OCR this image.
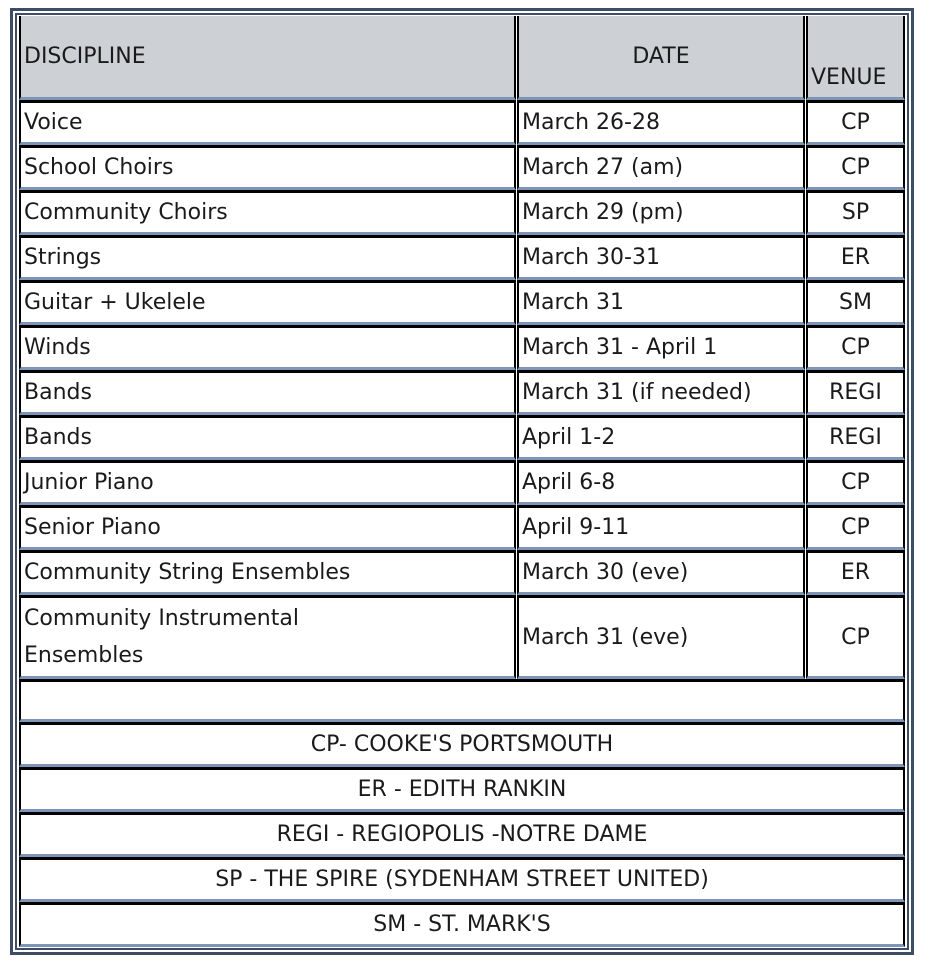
DISCIPLINE	DATE	VENUE
Voice	March 26-28	CP
School Choirs	March 27 (am)	CP
Community Choirs	March 29 (pm)	SP
Strings	March 30-31	ER
Guitar + Ukelele	March 31	SM
Winds	March 31 - April 1	CP
Bands	March 31 (if needed)	REGI
Bands	April 1-2	REGI
Junior Piano	April 6-8	CP
Senior Piano	April 9-11	CP
Community String Ensembles	March 30 (eve)	ER
Community Instrumental Ensembles	March 31 (eve)	CP

CP- COOKE'S PORTSMOUTH		
ER - EDITH RANKIN		
REGI - REGIOPOLIS -NOTRE DAME		
SP - THE SPIRE (SYDENHAM STREET UNITED)		
SM - ST. MARK'S		
